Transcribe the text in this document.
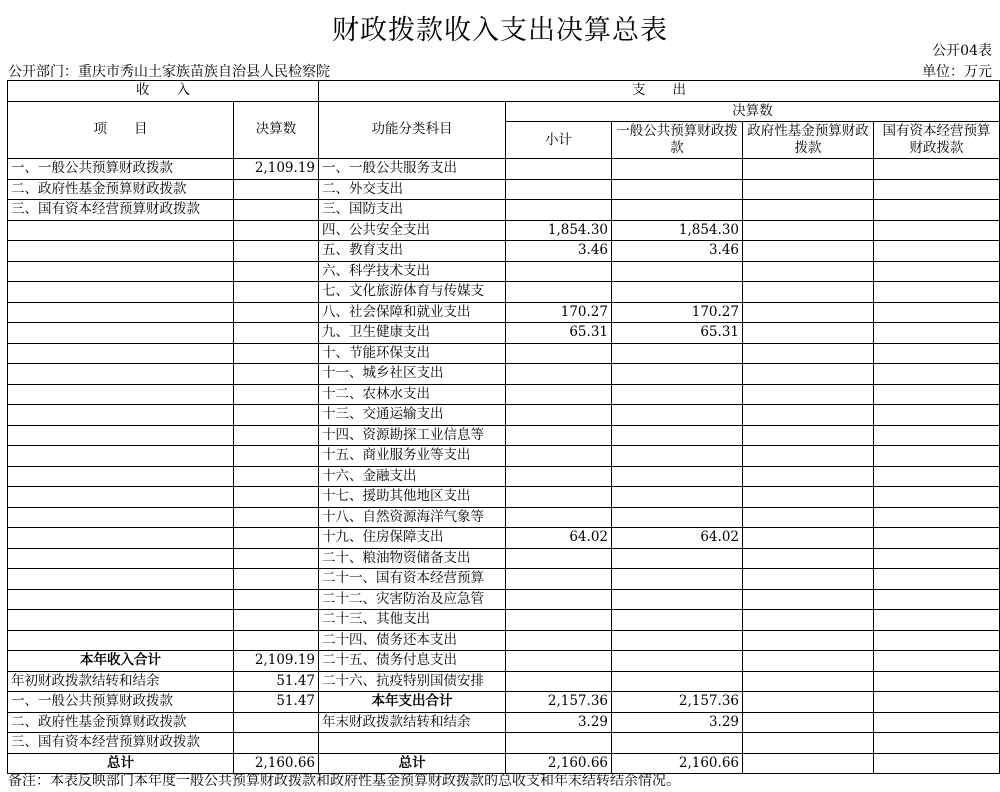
财政拨款收入支出决算总表
公开04表
公开部门：重庆市秀山土家族苗族自治县人民检察院	单位：万元
收　　入		支　　出				
项　　目	决算数	功能分类科目	决算数			
			小计	一般公共预算财政拨款	政府性基金预算财政拨款	国有资本经营预算财政拨款
一、一般公共预算财政拨款	2,109.19	一、一般公共服务支出				
二、政府性基金预算财政拨款		二、外交支出				
三、国有资本经营预算财政拨款		三、国防支出				
		四、公共安全支出	1,854.30	1,854.30		
		五、教育支出	3.46	3.46		
		六、科学技术支出				
		七、文化旅游体育与传媒支				
		八、社会保障和就业支出	170.27	170.27		
		九、卫生健康支出	65.31	65.31		
		十、节能环保支出				
		十一、城乡社区支出				
		十二、农林水支出				
		十三、交通运输支出				
		十四、资源勘探工业信息等				
		十五、商业服务业等支出				
		十六、金融支出				
		十七、援助其他地区支出				
		十八、自然资源海洋气象等				
		十九、住房保障支出	64.02	64.02		
		二十、粮油物资储备支出				
		二十一、国有资本经营预算				
		二十二、灾害防治及应急管				
		二十三、其他支出				
		二十四、债务还本支出				
本年收入合计	2,109.19	二十五、债务付息支出				
年初财政拨款结转和结余	51.47	二十六、抗疫特别国债安排				
一、一般公共预算财政拨款	51.47	本年支出合计	2,157.36	2,157.36		
二、政府性基金预算财政拨款		年末财政拨款结转和结余	3.29	3.29		
三、国有资本经营预算财政拨款						
总计	2,160.66	总计	2,160.66	2,160.66		
备注：本表反映部门本年度一般公共预算财政拨款和政府性基金预算财政拨款的总收支和年末结转结余情况。
